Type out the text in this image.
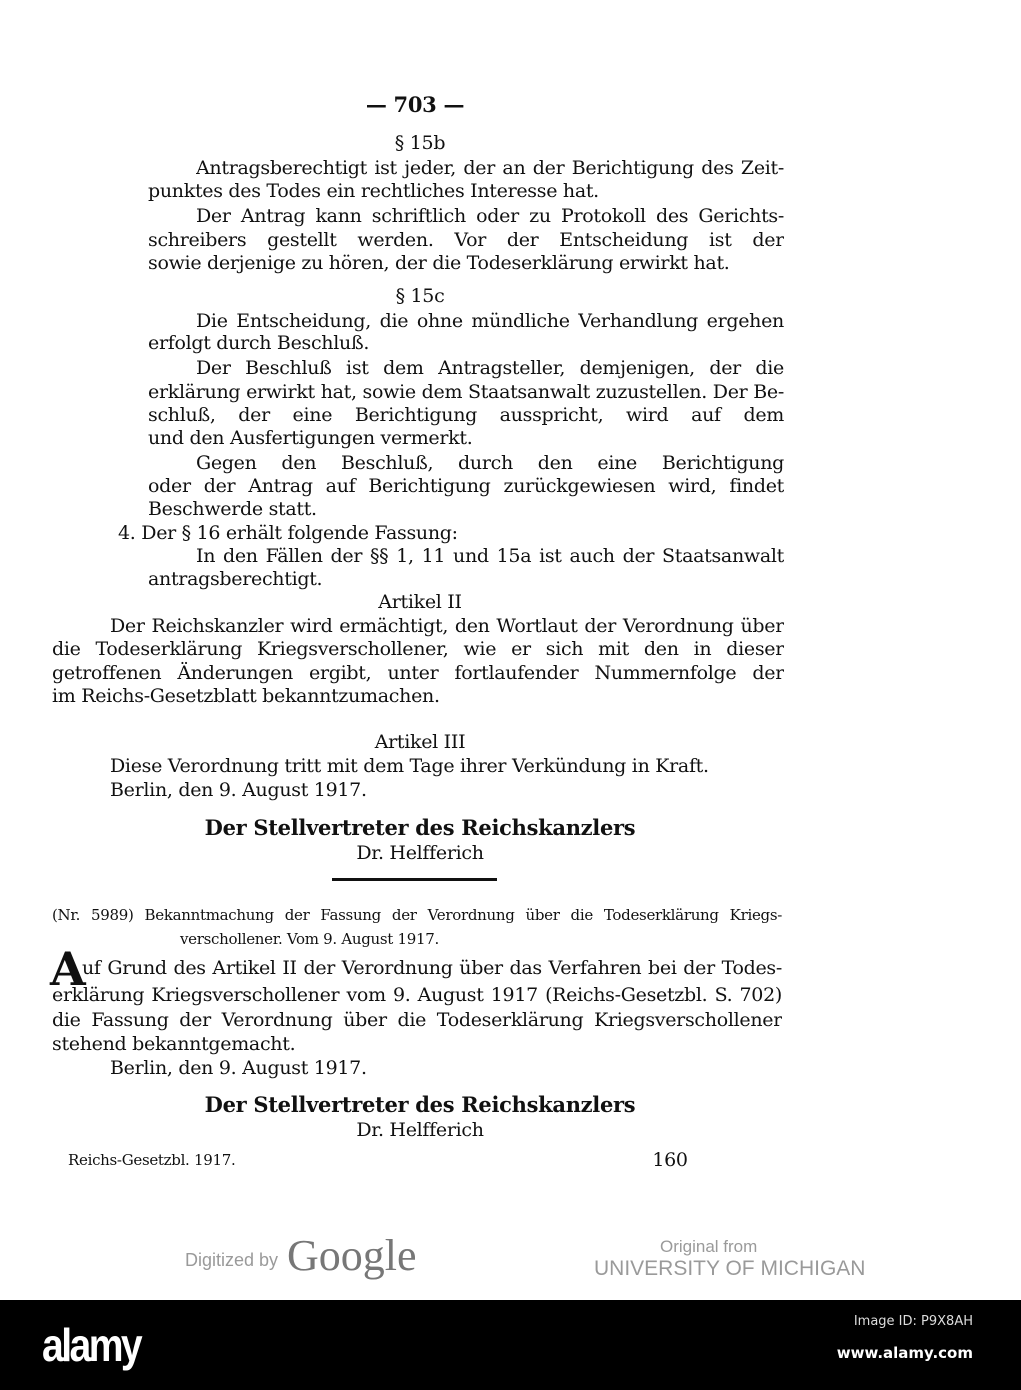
— 703 —
§ 15b
Antragsberechtigt ist jeder, der an der Berichtigung des Zeit-
punktes des Todes ein rechtliches Interesse hat.
Der Antrag kann schriftlich oder zu Protokoll des Gerichts-
schreibers gestellt werden. Vor der Entscheidung ist der
sowie derjenige zu hören, der die Todeserklärung erwirkt hat.
§ 15c
Die Entscheidung, die ohne mündliche Verhandlung ergehen
erfolgt durch Beschluß.
Der Beschluß ist dem Antragsteller, demjenigen, der die
erklärung erwirkt hat, sowie dem Staatsanwalt zuzustellen. Der Be-
schluß, der eine Berichtigung ausspricht, wird auf dem
und den Ausfertigungen vermerkt.
Gegen den Beschluß, durch den eine Berichtigung
oder der Antrag auf Berichtigung zurückgewiesen wird, findet
Beschwerde statt.
4. Der § 16 erhält folgende Fassung:
In den Fällen der §§ 1, 11 und 15a ist auch der Staatsanwalt
antragsberechtigt.
Artikel II
Der Reichskanzler wird ermächtigt, den Wortlaut der Verordnung über
die Todeserklärung Kriegsverschollener, wie er sich mit den in dieser
getroffenen Änderungen ergibt, unter fortlaufender Nummernfolge der
im Reichs-Gesetzblatt bekanntzumachen.
Artikel III
Diese Verordnung tritt mit dem Tage ihrer Verkündung in Kraft.
Berlin, den 9. August 1917.
Der Stellvertreter des Reichskanzlers
Dr. Helfferich
(Nr. 5989) Bekanntmachung der Fassung der Verordnung über die Todeserklärung Kriegs-
verschollener. Vom 9. August 1917.
uf Grund des Artikel II der Verordnung über das Verfahren bei der Todes-
erklärung Kriegsverschollener vom 9. August 1917 (Reichs-Gesetzbl. S. 702)
die Fassung der Verordnung über die Todeserklärung Kriegsverschollener
stehend bekanntgemacht.
Berlin, den 9. August 1917.
Der Stellvertreter des Reichskanzlers
Dr. Helfferich
Reichs-Gesetzbl. 1917.	160
A
Digitized by Google	Original from
UNIVERSITY OF MICHIGAN
alamy	Image ID: P9X8AH
www.alamy.com
